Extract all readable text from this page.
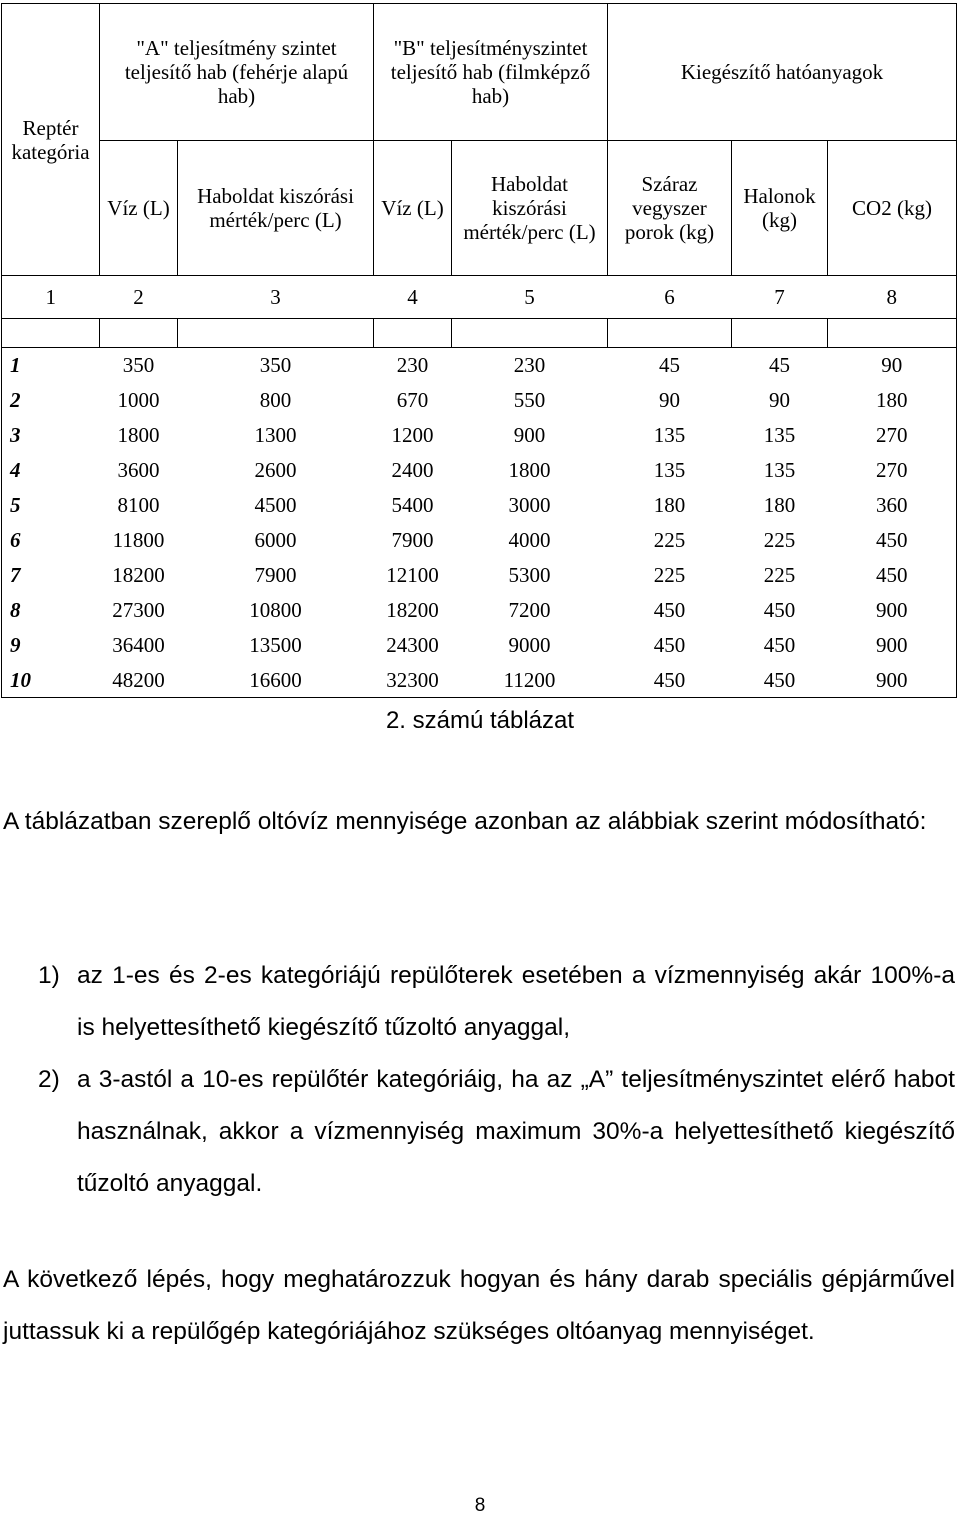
Reptér kategória	"A" teljesítmény szintet teljesítő hab (fehérje alapú hab)		"B" teljesítményszintet teljesítő hab (filmképző hab)		Kiegészítő hatóanyagok		
	Víz (L)	Haboldat kiszórási mérték/perc (L)	Víz (L)	Haboldat kiszórási mérték/perc (L)	Száraz vegyszer porok (kg)	Halonok (kg)	CO2 (kg)
1	2	3	4	5	6	7	8

1	350	350	230	230	45	45	90
2	1000	800	670	550	90	90	180
3	1800	1300	1200	900	135	135	270
4	3600	2600	2400	1800	135	135	270
5	8100	4500	5400	3000	180	180	360
6	11800	6000	7900	4000	225	225	450
7	18200	7900	12100	5300	225	225	450
8	27300	10800	18200	7200	450	450	900
9	36400	13500	24300	9000	450	450	900
10	48200	16600	32300	11200	450	450	900
2. számú táblázat
A táblázatban szereplő oltóvíz mennyisége azonban az alábbiak szerint módosítható:
1) az 1-es és 2-es kategóriájú repülőterek esetében a vízmennyiség akár 100%-a is helyettesíthető kiegészítő tűzoltó anyaggal,
2) a 3-astól a 10-es repülőtér kategóriáig, ha az „A” teljesítményszintet elérő habot használnak, akkor a vízmennyiség maximum 30%-a helyettesíthető kiegészítő tűzoltó anyaggal.
A következő lépés, hogy meghatározzuk hogyan és hány darab speciális gépjárművel juttassuk ki a repülőgép kategóriájához szükséges oltóanyag mennyiséget.
8
